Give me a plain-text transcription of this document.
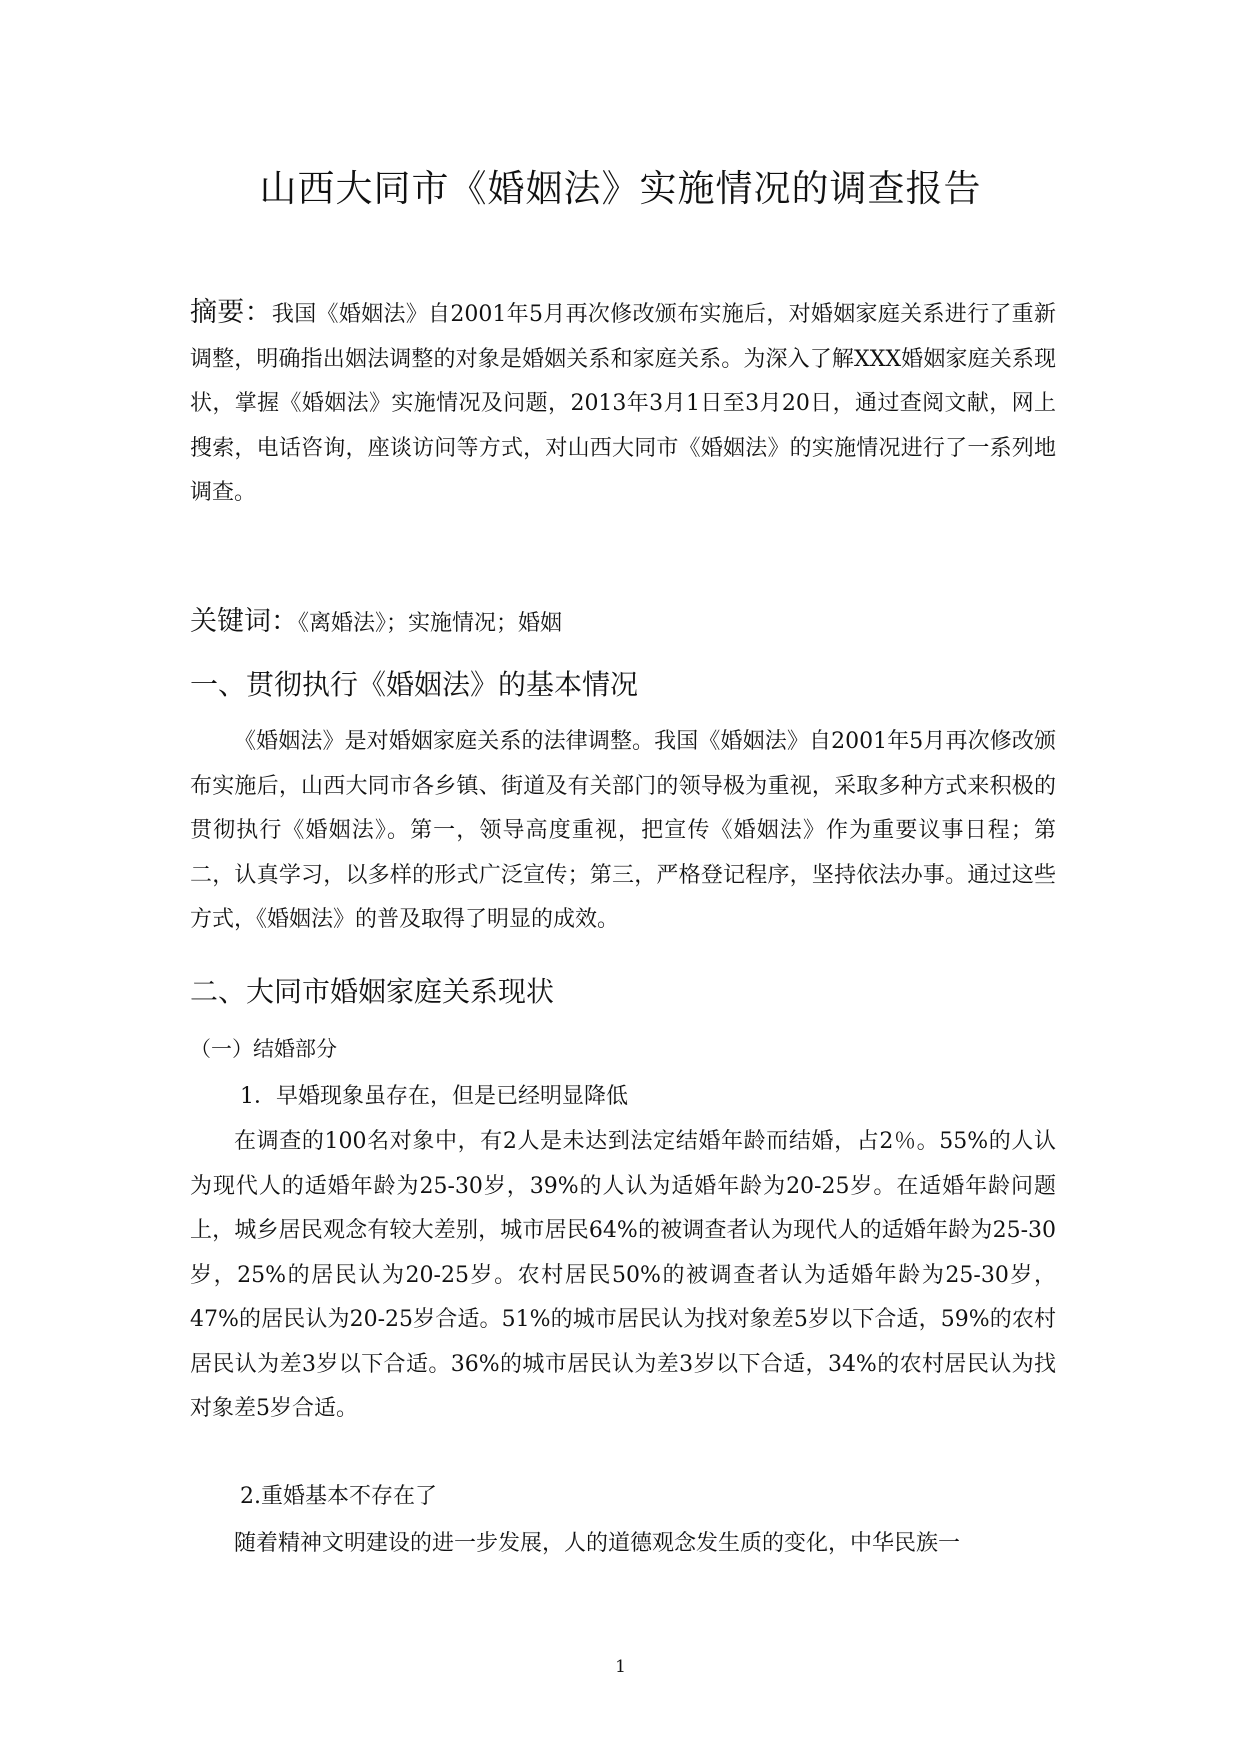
山西大同市《婚姻法》实施情况的调查报告

摘要：我国《婚姻法》自2001年5月再次修改颁布实施后，对婚姻家庭关系进行了重新调整，明确指出姻法调整的对象是婚姻关系和家庭关系。为深入了解XXX婚姻家庭关系现状，掌握《婚姻法》实施情况及问题，2013年3月1日至3月20日，通过查阅文献，网上搜索，电话咨询，座谈访问等方式，对山西大同市《婚姻法》的实施情况进行了一系列地调查。

关键词：《离婚法》；实施情况；婚姻

一、贯彻执行《婚姻法》的基本情况

《婚姻法》是对婚姻家庭关系的法律调整。我国《婚姻法》自2001年5月再次修改颁布实施后，山西大同市各乡镇、街道及有关部门的领导极为重视，采取多种方式来积极的贯彻执行《婚姻法》。第一，领导高度重视，把宣传《婚姻法》作为重要议事日程；第二，认真学习，以多样的形式广泛宣传；第三，严格登记程序，坚持依法办事。通过这些方式，《婚姻法》的普及取得了明显的成效。

二、大同市婚姻家庭关系现状
（一）结婚部分

1．早婚现象虽存在，但是已经明显降低

在调查的100名对象中，有2人是未达到法定结婚年龄而结婚，占2％。55%的人认为现代人的适婚年龄为25-30岁，39%的人认为适婚年龄为20-25岁。在适婚年龄问题上，城乡居民观念有较大差别，城市居民64%的被调查者认为现代人的适婚年龄为25-30岁，25%的居民认为20-25岁。农村居民50%的被调查者认为适婚年龄为25-30岁，47%的居民认为20-25岁合适。51%的城市居民认为找对象差5岁以下合适，59%的农村居民认为差3岁以下合适。36%的城市居民认为差3岁以下合适，34%的农村居民认为找对象差5岁合适。

2.重婚基本不存在了

随着精神文明建设的进一步发展，人的道德观念发生质的变化，中华民族一

1
